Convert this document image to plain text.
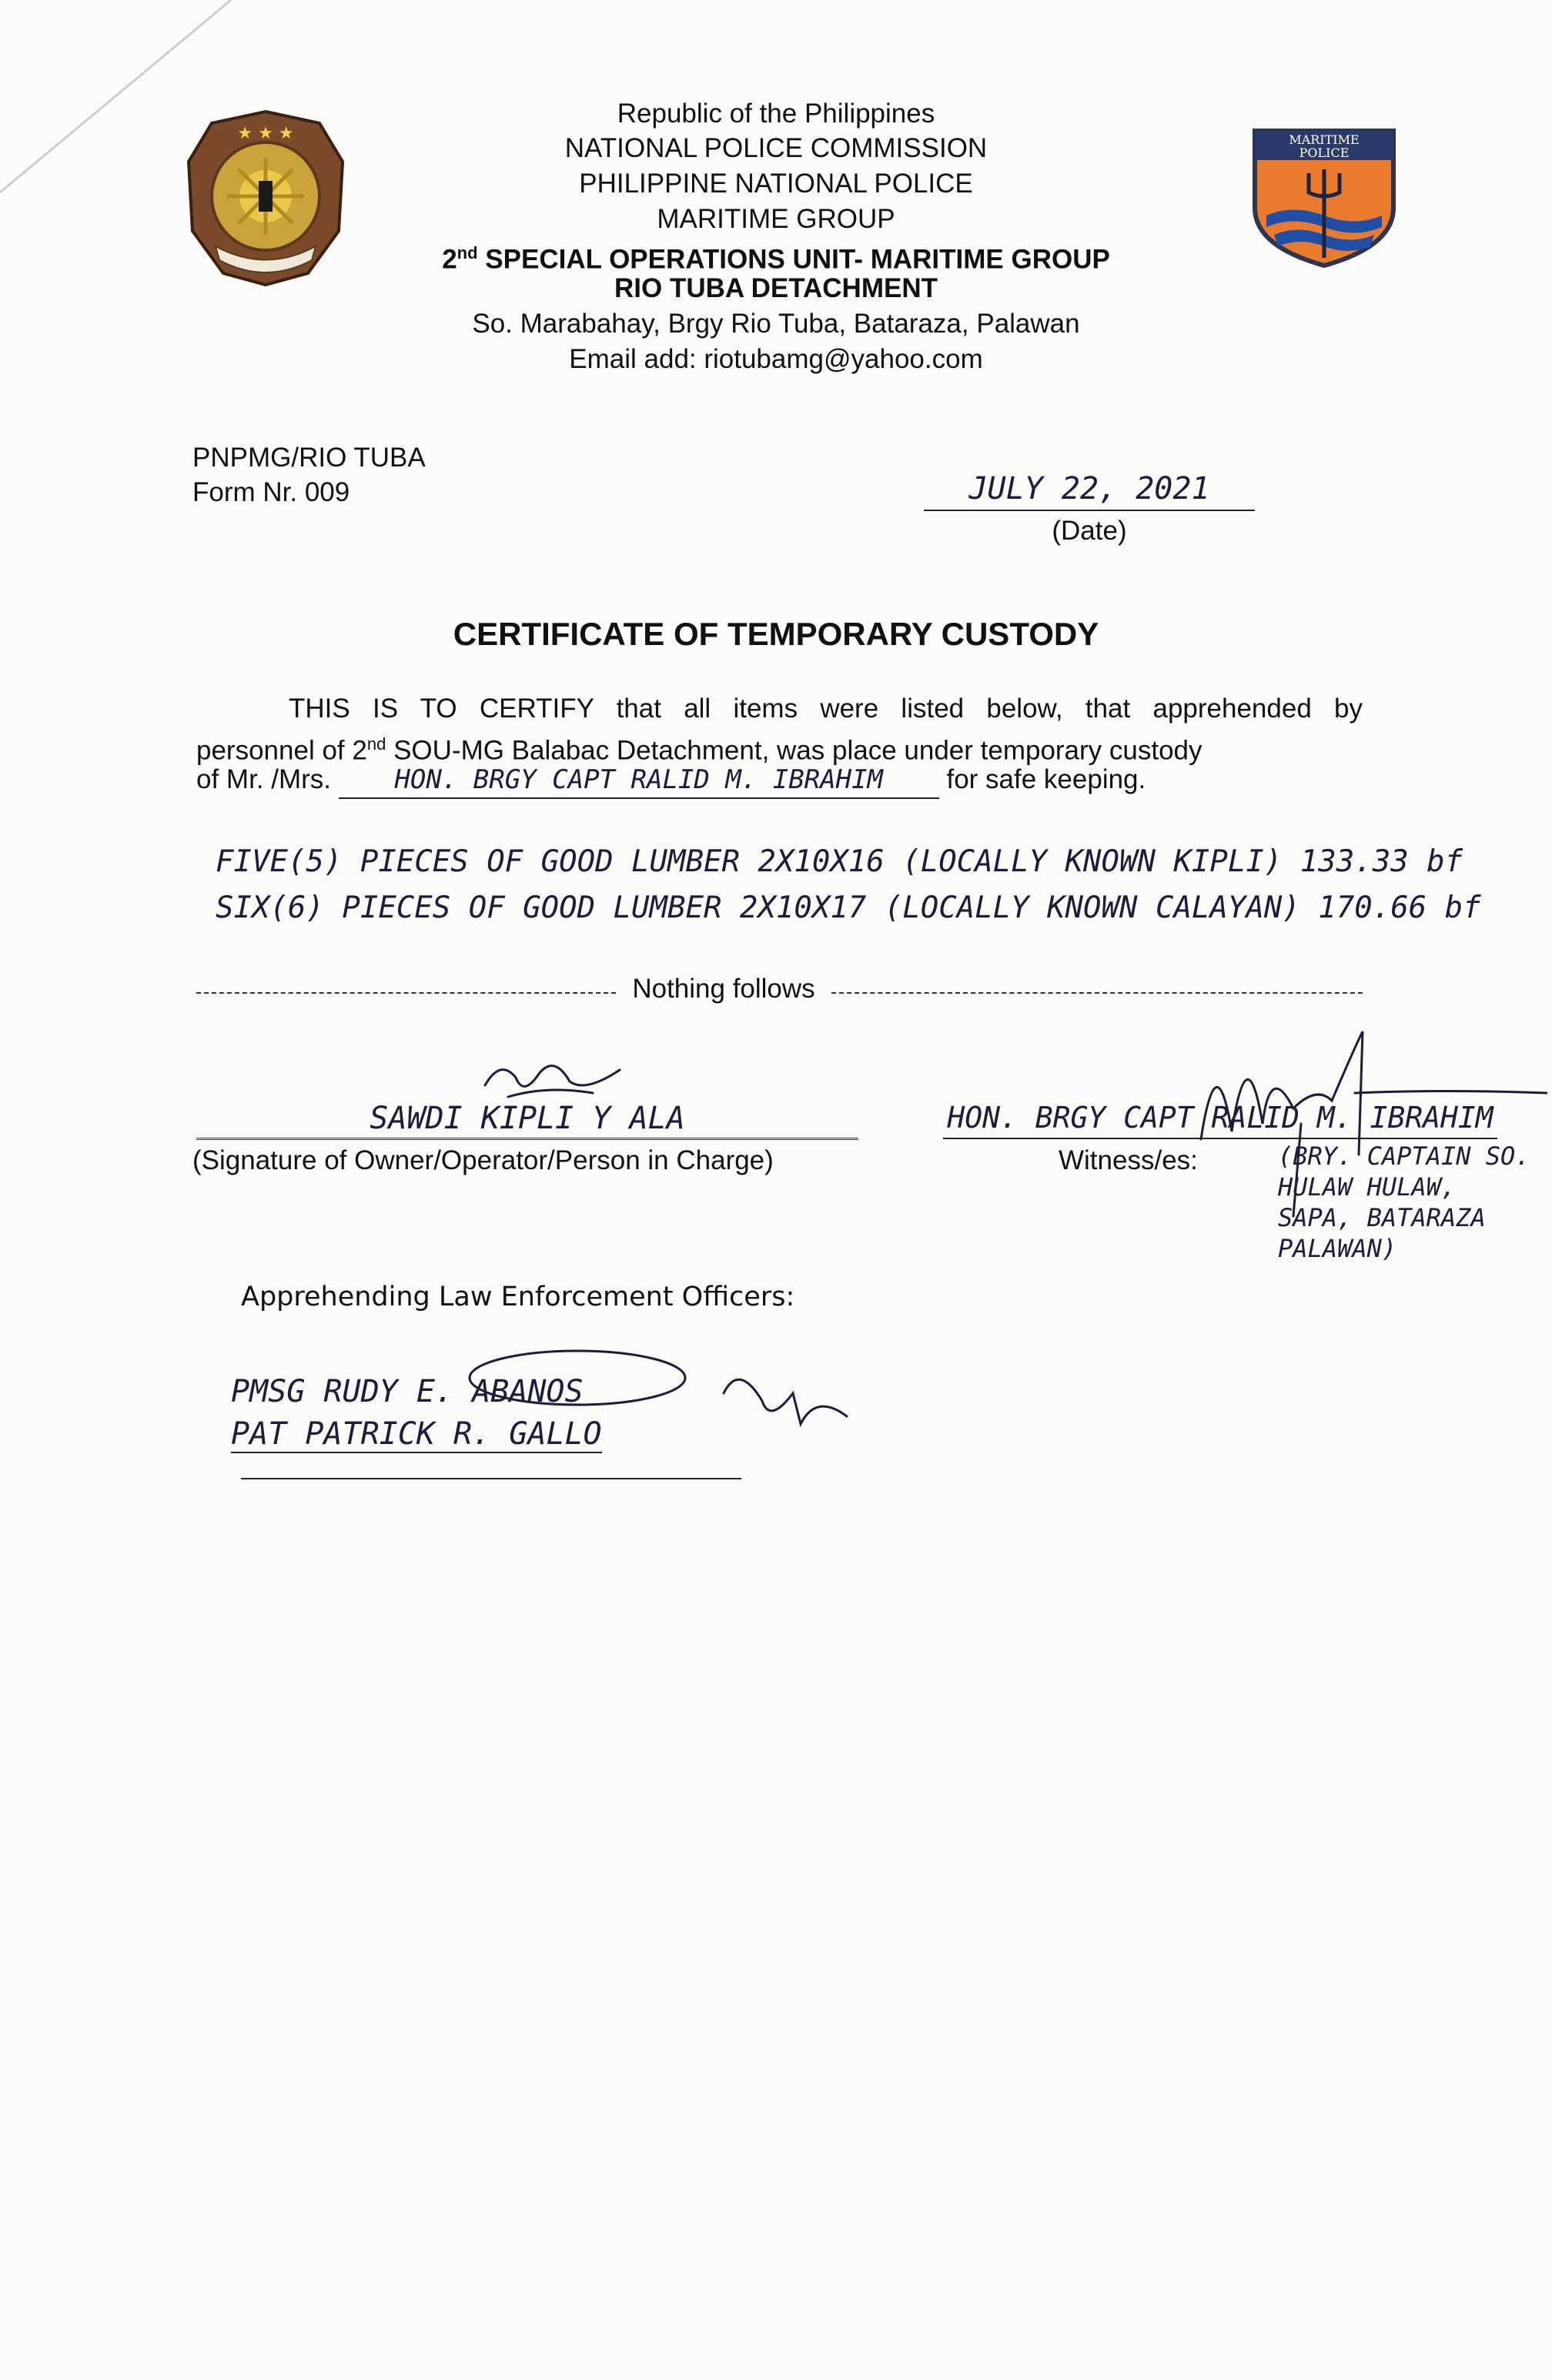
★ ★ ★	MARITIME
POLICE
Republic of the Philippines
NATIONAL POLICE COMMISSION
PHILIPPINE NATIONAL POLICE
MARITIME GROUP
2nd SPECIAL OPERATIONS UNIT- MARITIME GROUP
RIO TUBA DETACHMENT
So. Marabahay, Brgy Rio Tuba, Bataraza, Palawan
Email add: riotubamg@yahoo.com
PNPMG/RIO TUBA
Form Nr. 009	JULY 22, 2021
(Date)
CERTIFICATE OF TEMPORARY CUSTODY
THIS IS TO CERTIFY that all items were listed below, that apprehended by
personnel of 2nd SOU-MG Balabac Detachment, was place under temporary custody
of Mr. /Mrs. HON. BRGY CAPT RALID M. IBRAHIM for safe keeping.
FIVE(5) PIECES OF GOOD LUMBER 2X10X16 (LOCALLY KNOWN KIPLI) 133.33 bf
SIX(6) PIECES OF GOOD LUMBER 2X10X17 (LOCALLY KNOWN CALAYAN) 170.66 bf
Nothing follows
SAWDI KIPLI Y ALA
(Signature of Owner/Operator/Person in Charge)
HON. BRGY CAPT RALID M. IBRAHIM
Witness/es:	(BRY. CAPTAIN SO. HULAW HULAW, SAPA, BATARAZA PALAWAN)
Apprehending Law Enforcement Officers:
PMSG RUDY E. ABANOS
PAT PATRICK R. GALLO
